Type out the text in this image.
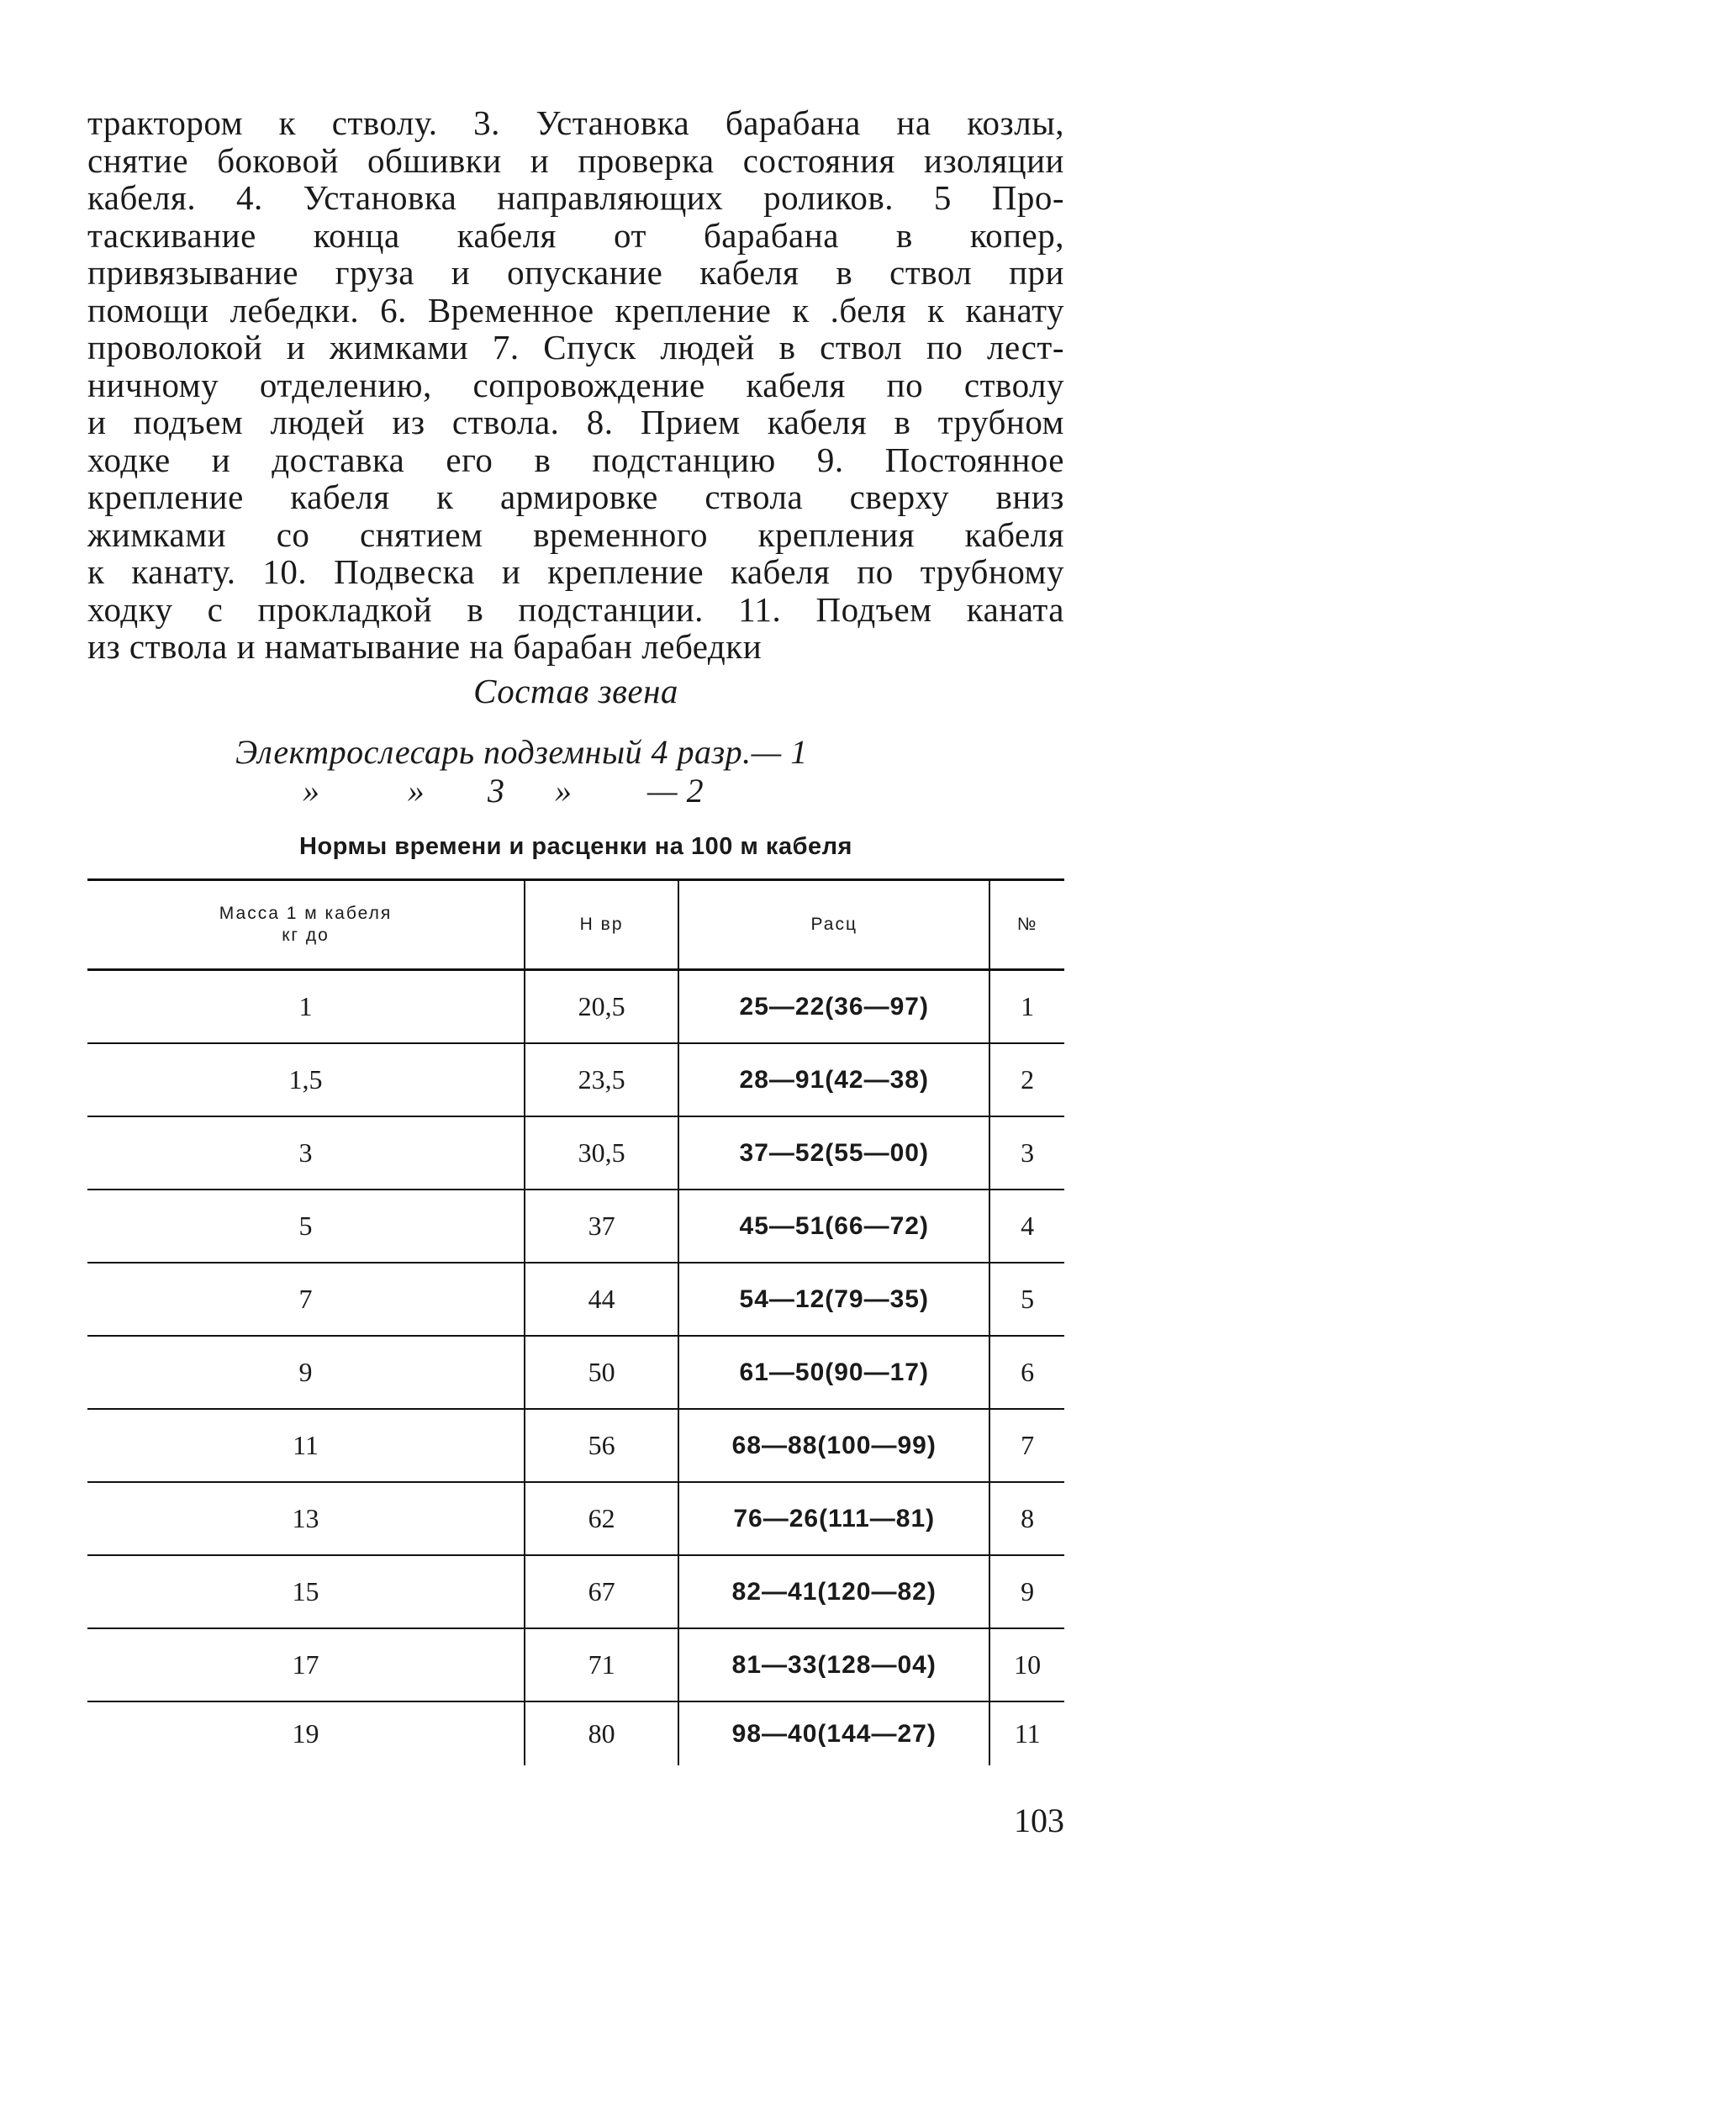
трактором к стволу. 3. Установка барабана на козлы,
снятие боковой обшивки и проверка состояния изоляции
кабеля. 4. Установка направляющих роликов. 5 Про-
таскивание конца кабеля от барабана в копер,
привязывание груза и опускание кабеля в ствол при
помощи лебедки. 6. Временное крепление к .беля к канату
проволокой и жимками 7. Спуск людей в ствол по лест-
ничному отделению, сопровождение кабеля по стволу
и подъем людей из ствола. 8. Прием кабеля в трубном
ходке и доставка его в подстанцию 9. Постоянное
крепление кабеля к армировке ствола сверху вниз
жимками со снятием временного крепления кабеля
к канату. 10. Подвеска и крепление кабеля по трубному
ходку с прокладкой в подстанции. 11. Подъем каната
из ствола и наматывание на барабан лебедки
Состав звена
Электрослесарь подземный 4 разр.— 1
»	»	3	»	— 2
Нормы времени и расценки на 100 м кабеля
Масса 1 м кабеля
кг до	Н вр	Расц	№
1	20,5	25—22(36—97)	1
1,5	23,5	28—91(42—38)	2
3	30,5	37—52(55—00)	3
5	37	45—51(66—72)	4
7	44	54—12(79—35)	5
9	50	61—50(90—17)	6
11	56	68—88(100—99)	7
13	62	76—26(111—81)	8
15	67	82—41(120—82)	9
17	71	81—33(128—04)	10
19	80	98—40(144—27)	11
103
